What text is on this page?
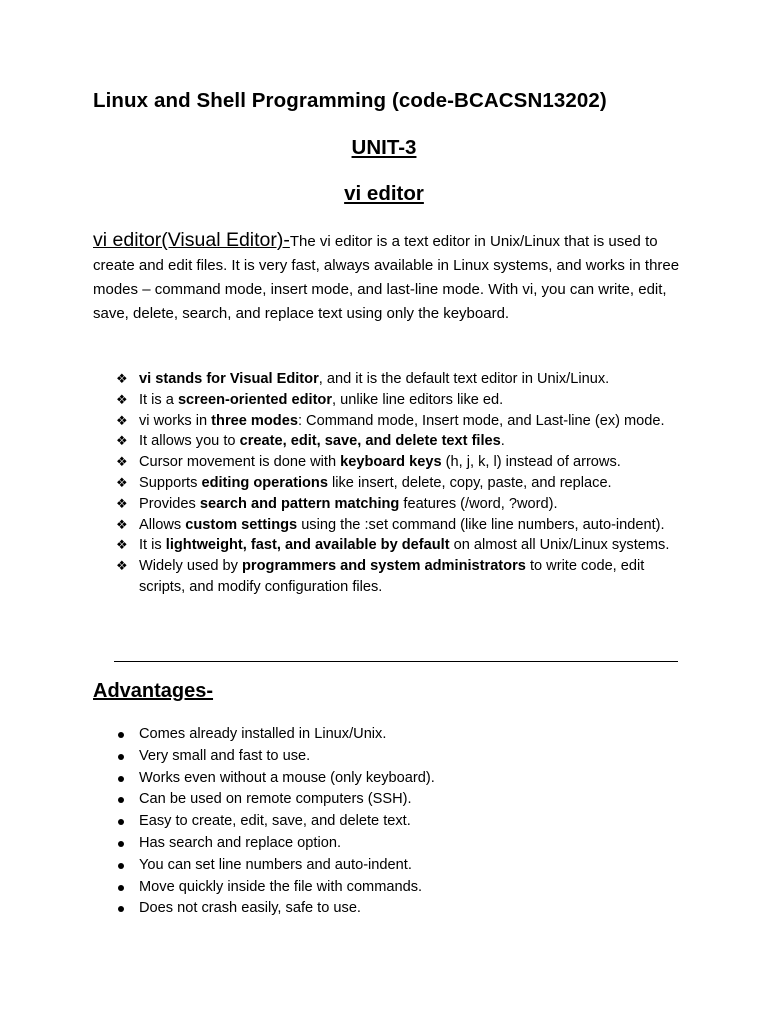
Linux and Shell Programming (code-BCACSN13202)
UNIT-3
vi editor
vi editor(Visual Editor)-The vi editor is a text editor in Unix/Linux that is used to create and edit files. It is very fast, always available in Linux systems, and works in three modes – command mode, insert mode, and last-line mode. With vi, you can write, edit, save, delete, search, and replace text using only the keyboard.
❖ vi stands for Visual Editor, and it is the default text editor in Unix/Linux.
❖ It is a screen-oriented editor, unlike line editors like ed.
❖ vi works in three modes: Command mode, Insert mode, and Last-line (ex) mode.
❖ It allows you to create, edit, save, and delete text files.
❖ Cursor movement is done with keyboard keys (h, j, k, l) instead of arrows.
❖ Supports editing operations like insert, delete, copy, paste, and replace.
❖ Provides search and pattern matching features (/word, ?word).
❖ Allows custom settings using the :set command (like line numbers, auto-indent).
❖ It is lightweight, fast, and available by default on almost all Unix/Linux systems.
❖ Widely used by programmers and system administrators to write code, edit scripts, and modify configuration files.
Advantages-
Comes already installed in Linux/Unix.
Very small and fast to use.
Works even without a mouse (only keyboard).
Can be used on remote computers (SSH).
Easy to create, edit, save, and delete text.
Has search and replace option.
You can set line numbers and auto-indent.
Move quickly inside the file with commands.
Does not crash easily, safe to use.
